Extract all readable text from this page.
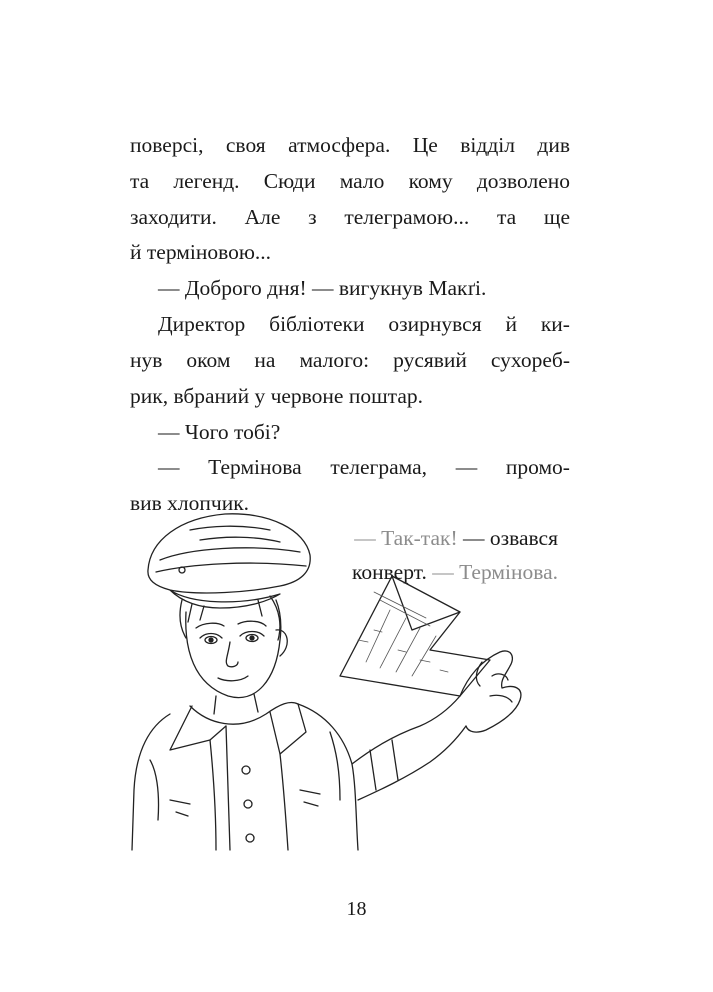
поверсі, своя атмосфера. Це відділ див
та легенд. Сюди мало кому дозволено
заходити. Але з телеграмою... та ще
й терміновою...
— Доброго дня! — вигукнув Макґі.
Директор бібліотеки озирнувся й ки-
нув оком на малого: русявий сухореб-
рик, вбраний у червоне поштар.
— Чого тобі?
— Термінова телеграма, — промо-
вив хлопчик.
— Так-так! — озвався
конверт. — Термінова.
18
